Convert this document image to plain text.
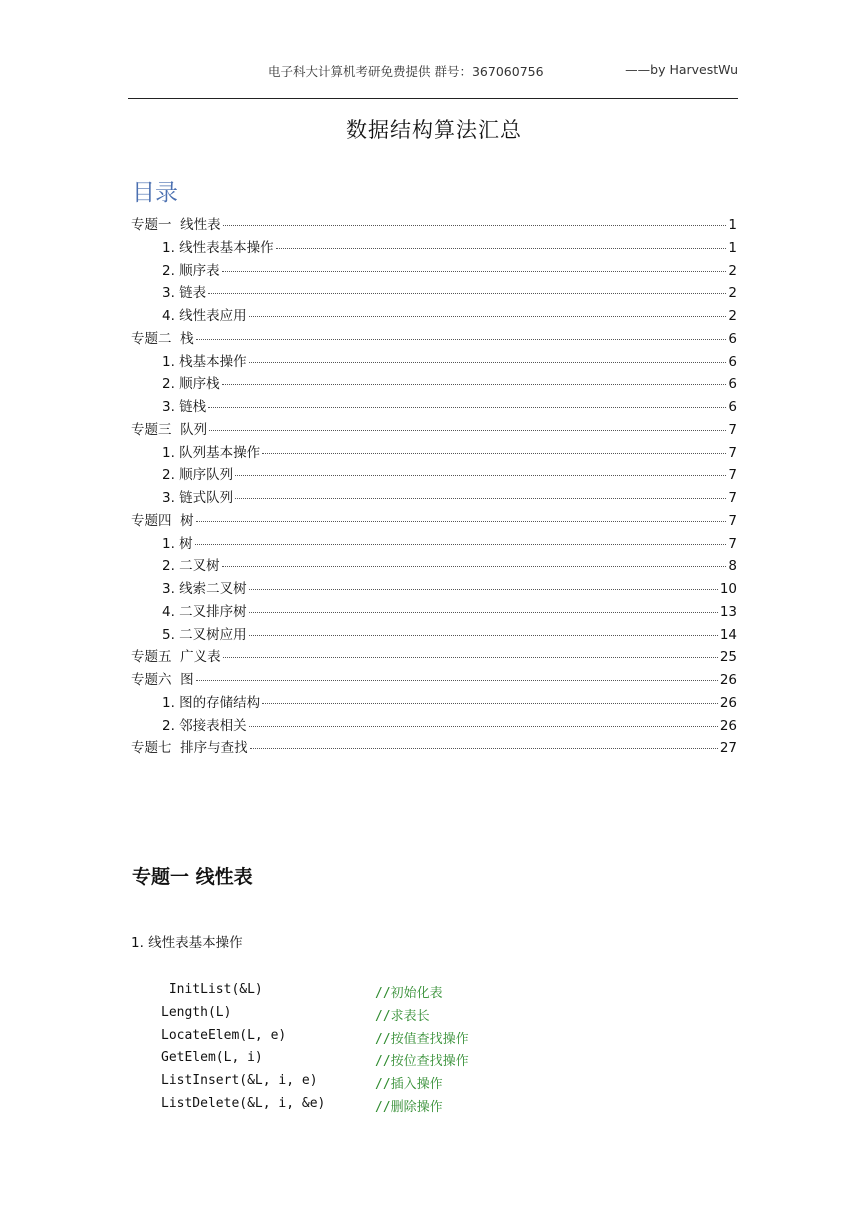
电子科大计算机考研免费提供 群号：367060756	——by HarvestWu
数据结构算法汇总
目录
专题一  线性表	1
1. 线性表基本操作	1
2. 顺序表	2
3. 链表	2
4. 线性表应用	2
专题二  栈	6
1. 栈基本操作	6
2. 顺序栈	6
3. 链栈	6
专题三  队列	7
1. 队列基本操作	7
2. 顺序队列	7
3. 链式队列	7
专题四  树	7
1. 树	7
2. 二叉树	8
3. 线索二叉树	10
4. 二叉排序树	13
5. 二叉树应用	14
专题五  广义表	25
专题六  图	26
1. 图的存储结构	26
2. 邻接表相关	26
专题七  排序与查找	27
专题一 线性表
1. 线性表基本操作
InitList(&L)	//初始化表
Length(L)	//求表长
LocateElem(L, e)	//按值查找操作
GetElem(L, i)	//按位查找操作
ListInsert(&L, i, e)	//插入操作
ListDelete(&L, i, &e)	//删除操作
